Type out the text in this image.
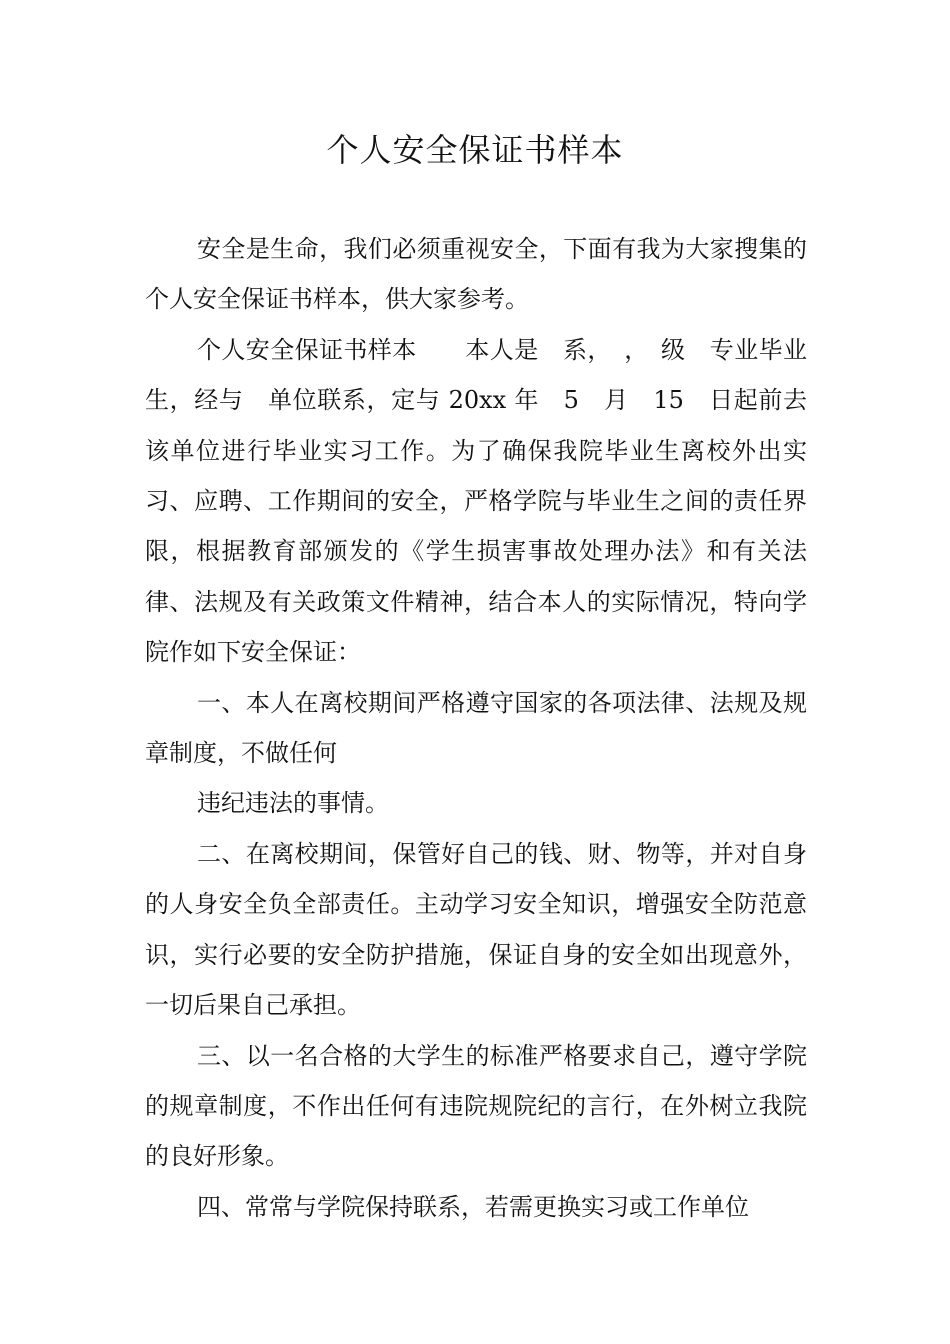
个人安全保证书样本

安全是生命，我们必须重视安全，下面有我为大家搜集的个人安全保证书样本，供大家参考。

个人安全保证书样本　　本人是　系，　，　级　专业毕业生，经与　单位联系，定与 20xx 年　5　月　15　日起前去该单位进行毕业实习工作。为了确保我院毕业生离校外出实习、应聘、工作期间的安全，严格学院与毕业生之间的责任界限，根据教育部颁发的《学生损害事故处理办法》和有关法律、法规及有关政策文件精神，结合本人的实际情况，特向学院作如下安全保证：

一、本人在离校期间严格遵守国家的各项法律、法规及规章制度，不做任何

违纪违法的事情。

二、在离校期间，保管好自己的钱、财、物等，并对自身的人身安全负全部责任。主动学习安全知识，增强安全防范意识，实行必要的安全防护措施，保证自身的安全如出现意外，一切后果自己承担。

三、以一名合格的大学生的标准严格要求自己，遵守学院的规章制度，不作出任何有违院规院纪的言行，在外树立我院的良好形象。

四、常常与学院保持联系，若需更换实习或工作单位
